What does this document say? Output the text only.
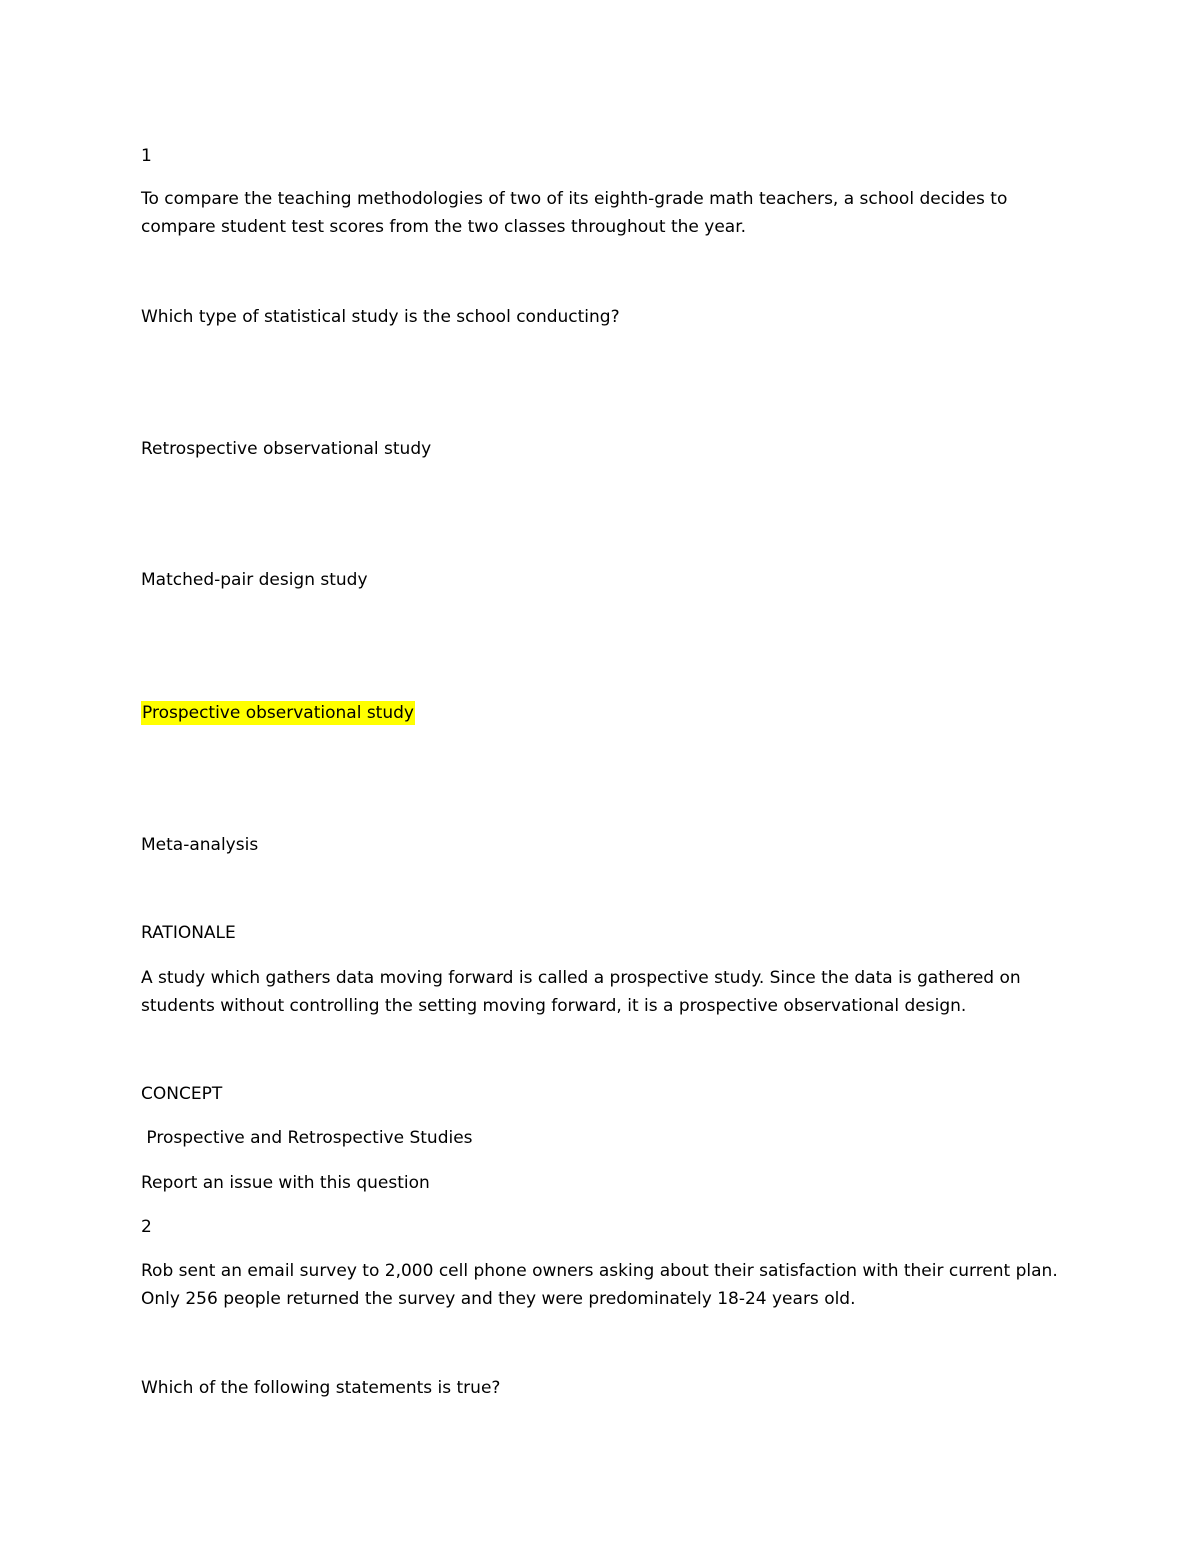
1

To compare the teaching methodologies of two of its eighth-grade math teachers, a school decides to compare student test scores from the two classes throughout the year.

Which type of statistical study is the school conducting?

Retrospective observational study

Matched-pair design study

Prospective observational study

Meta-analysis

RATIONALE

A study which gathers data moving forward is called a prospective study. Since the data is gathered on students without controlling the setting moving forward, it is a prospective observational design.

CONCEPT

Prospective and Retrospective Studies

Report an issue with this question

2

Rob sent an email survey to 2,000 cell phone owners asking about their satisfaction with their current plan. Only 256 people returned the survey and they were predominately 18-24 years old.

Which of the following statements is true?
